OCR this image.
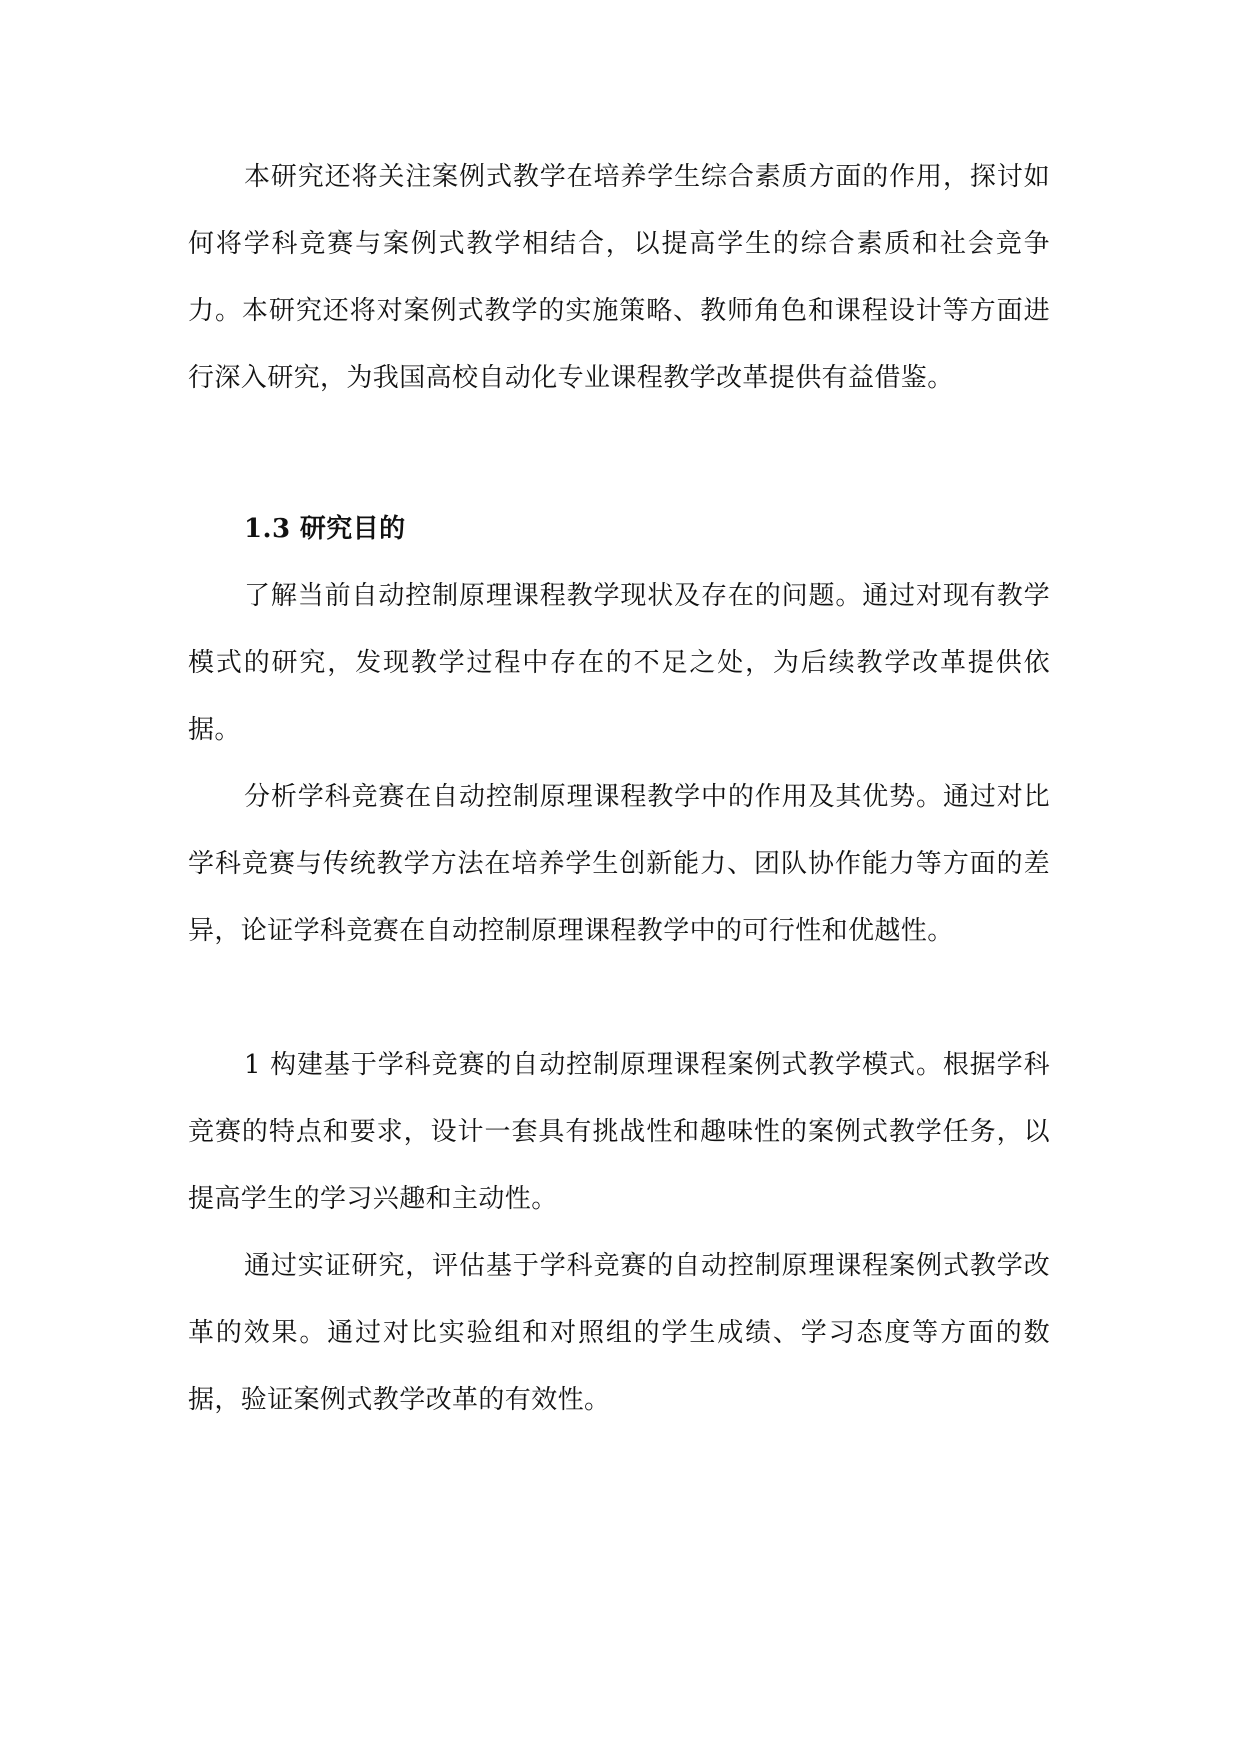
本研究还将关注案例式教学在培养学生综合素质方面的作用，探讨如何将学科竞赛与案例式教学相结合，以提高学生的综合素质和社会竞争力。本研究还将对案例式教学的实施策略、教师角色和课程设计等方面进行深入研究，为我国高校自动化专业课程教学改革提供有益借鉴。

1.3 研究目的

了解当前自动控制原理课程教学现状及存在的问题。通过对现有教学模式的研究，发现教学过程中存在的不足之处，为后续教学改革提供依据。

分析学科竞赛在自动控制原理课程教学中的作用及其优势。通过对比学科竞赛与传统教学方法在培养学生创新能力、团队协作能力等方面的差异，论证学科竞赛在自动控制原理课程教学中的可行性和优越性。

1 构建基于学科竞赛的自动控制原理课程案例式教学模式。根据学科竞赛的特点和要求，设计一套具有挑战性和趣味性的案例式教学任务，以提高学生的学习兴趣和主动性。

通过实证研究，评估基于学科竞赛的自动控制原理课程案例式教学改革的效果。通过对比实验组和对照组的学生成绩、学习态度等方面的数据，验证案例式教学改革的有效性。
